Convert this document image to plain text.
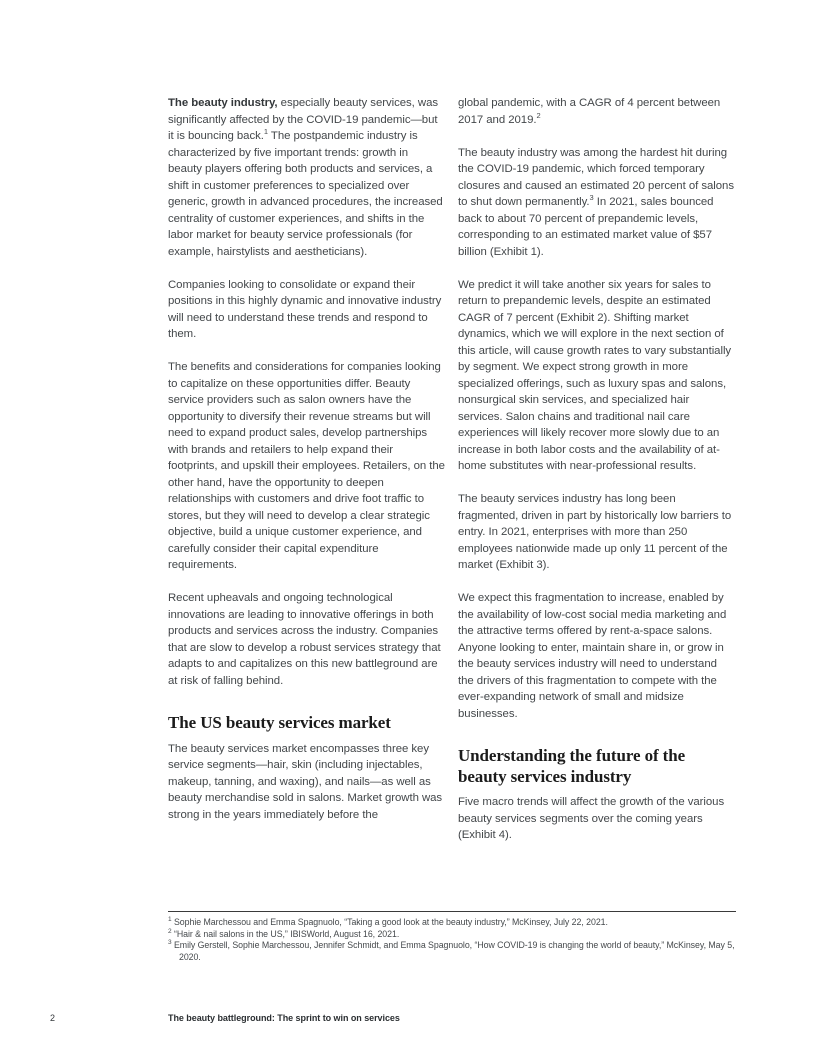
The beauty industry, especially beauty services, was significantly affected by the COVID-19 pandemic—but it is bouncing back.$^1$ The postpandemic industry is characterized by five important trends: growth in beauty players offering both products and services, a shift in customer preferences to specialized over generic, growth in advanced procedures, the increased centrality of customer experiences, and shifts in the labor market for beauty service professionals (for example, hairstylists and aestheticians).

Companies looking to consolidate or expand their positions in this highly dynamic and innovative industry will need to understand these trends and respond to them.

The benefits and considerations for companies looking to capitalize on these opportunities differ. Beauty service providers such as salon owners have the opportunity to diversify their revenue streams but will need to expand product sales, develop partnerships with brands and retailers to help expand their footprints, and upskill their employees. Retailers, on the other hand, have the opportunity to deepen relationships with customers and drive foot traffic to stores, but they will need to develop a clear strategic objective, build a unique customer experience, and carefully consider their capital expenditure requirements.

Recent upheavals and ongoing technological innovations are leading to innovative offerings in both products and services across the industry. Companies that are slow to develop a robust services strategy that adapts to and capitalizes on this new battleground are at risk of falling behind.

The US beauty services market

The beauty services market encompasses three key service segments—hair, skin (including injectables, makeup, tanning, and waxing), and nails—as well as beauty merchandise sold in salons. Market growth was strong in the years immediately before the

global pandemic, with a CAGR of 4 percent between 2017 and 2019.$^2$

The beauty industry was among the hardest hit during the COVID-19 pandemic, which forced temporary closures and caused an estimated 20 percent of salons to shut down permanently.$^3$ In 2021, sales bounced back to about 70 percent of prepandemic levels, corresponding to an estimated market value of $57 billion (Exhibit 1).

We predict it will take another six years for sales to return to prepandemic levels, despite an estimated CAGR of 7 percent (Exhibit 2). Shifting market dynamics, which we will explore in the next section of this article, will cause growth rates to vary substantially by segment. We expect strong growth in more specialized offerings, such as luxury spas and salons, nonsurgical skin services, and specialized hair services. Salon chains and traditional nail care experiences will likely recover more slowly due to an increase in both labor costs and the availability of at-home substitutes with near-professional results.

The beauty services industry has long been fragmented, driven in part by historically low barriers to entry. In 2021, enterprises with more than 250 employees nationwide made up only 11 percent of the market (Exhibit 3).

We expect this fragmentation to increase, enabled by the availability of low-cost social media marketing and the attractive terms offered by rent-a-space salons. Anyone looking to enter, maintain share in, or grow in the beauty services industry will need to understand the drivers of this fragmentation to compete with the ever-expanding network of small and midsize businesses.

Understanding the future of the beauty services industry

Five macro trends will affect the growth of the various beauty services segments over the coming years (Exhibit 4).

$^1$ Sophie Marchessou and Emma Spagnuolo, “Taking a good look at the beauty industry,” McKinsey, July 22, 2021.
$^2$ “Hair & nail salons in the US,” IBISWorld, August 16, 2021.
$^3$ Emily Gerstell, Sophie Marchessou, Jennifer Schmidt, and Emma Spagnuolo, “How COVID-19 is changing the world of beauty,” McKinsey, May 5, 2020.
2	The beauty battleground: The sprint to win on services
